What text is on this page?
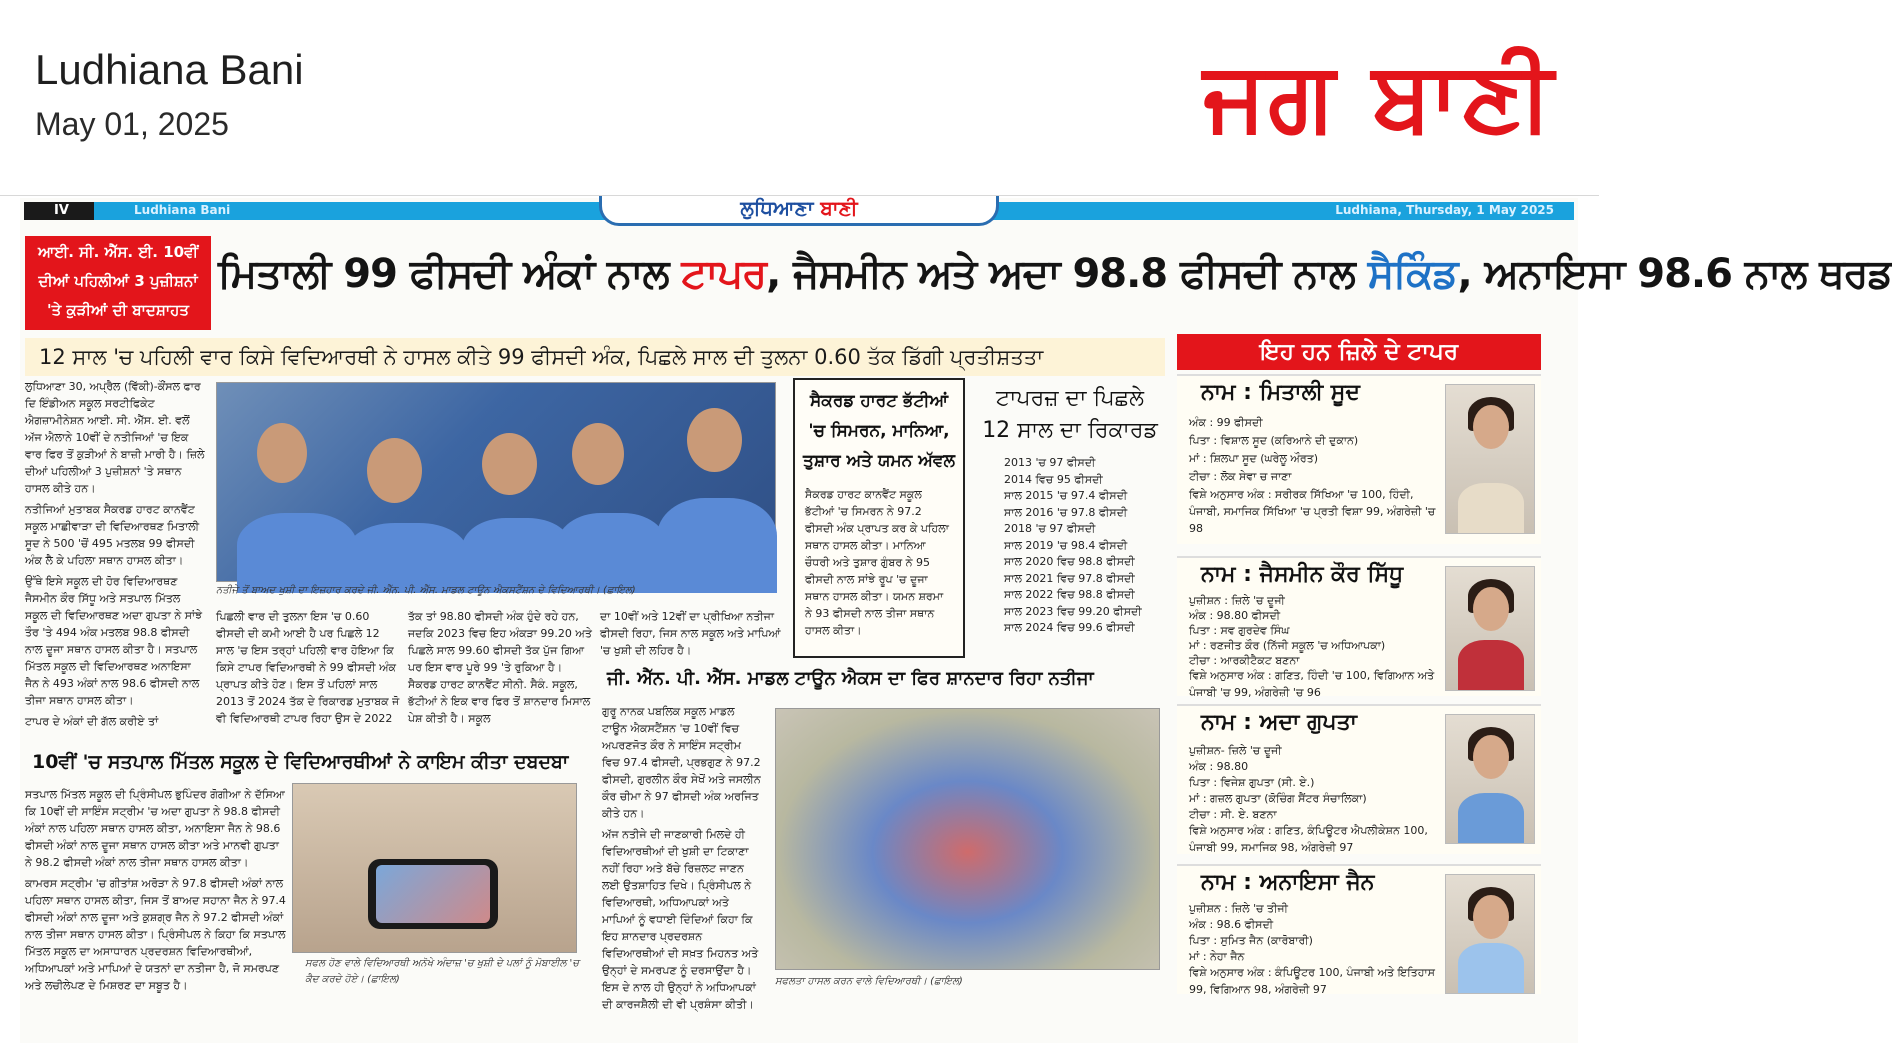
Ludhiana Bani
May 01, 2025	ਜਗ ਬਾਣੀ
IV	Ludhiana Bani	ਲੁਧਿਆਣਾ ਬਾਣੀ	Ludhiana, Thursday, 1 May 2025
ਆਈ. ਸੀ. ਐੱਸ. ਈ. 10ਵੀਂ
ਦੀਆਂ ਪਹਿਲੀਆਂ 3 ਪੁਜ਼ੀਸ਼ਨਾਂ
'ਤੇ ਕੁੜੀਆਂ ਦੀ ਬਾਦਸ਼ਾਹਤ
ਮਿਤਾਲੀ 99 ਫੀਸਦੀ ਅੰਕਾਂ ਨਾਲ ਟਾਪਰ, ਜੈਸਮੀਨ ਅਤੇ ਅਦਾ 98.8 ਫੀਸਦੀ ਨਾਲ ਸੈਕਿੰਡ, ਅਨਾਇਸਾ 98.6 ਨਾਲ ਥਰਡ
12 ਸਾਲ 'ਚ ਪਹਿਲੀ ਵਾਰ ਕਿਸੇ ਵਿਦਿਆਰਥੀ ਨੇ ਹਾਸਲ ਕੀਤੇ 99 ਫੀਸਦੀ ਅੰਕ, ਪਿਛਲੇ ਸਾਲ ਦੀ ਤੁਲਨਾ 0.60 ਤੱਕ ਡਿੱਗੀ ਪ੍ਰਤੀਸ਼ਤਤਾ	ਇਹ ਹਨ ਜ਼ਿਲੇ ਦੇ ਟਾਪਰ
ਲੁਧਿਆਣਾ 30, ਅਪ੍ਰੈਲ (ਵਿੱਕੀ)-ਕੌਂਸਲ ਫਾਰ ਦਿ ਇੰਡੀਅਨ ਸਕੂਲ ਸਰਟੀਫਿਕੇਟ ਐਗਜ਼ਾਮੀਨੇਸ਼ਨ ਆਈ. ਸੀ. ਐੱਸ. ਈ. ਵਲੋਂ ਅੱਜ ਐਲਾਨੇ 10ਵੀਂ ਦੇ ਨਤੀਜਿਆਂ 'ਚ ਇਕ ਵਾਰ ਫਿਰ ਤੋਂ ਕੁੜੀਆਂ ਨੇ ਬਾਜ਼ੀ ਮਾਰੀ ਹੈ। ਜ਼ਿਲੇ ਦੀਆਂ ਪਹਿਲੀਆਂ 3 ਪੁਜ਼ੀਸ਼ਨਾਂ 'ਤੇ ਸਥਾਨ ਹਾਸਲ ਕੀਤੇ ਹਨ।
ਨਤੀਜਿਆਂ ਮੁਤਾਬਕ ਸੈਕਰਡ ਹਾਰਟ ਕਾਨਵੈਂਟ ਸਕੂਲ ਮਾਛੀਵਾੜਾ ਦੀ ਵਿਦਿਆਰਥਣ ਮਿਤਾਲੀ ਸੂਦ ਨੇ 500 'ਚੋਂ 495 ਮਤਲਬ 99 ਫੀਸਦੀ ਅੰਕ ਲੈ ਕੇ ਪਹਿਲਾ ਸਥਾਨ ਹਾਸਲ ਕੀਤਾ।
ਉੱਥੇ ਇਸੇ ਸਕੂਲ ਦੀ ਹੋਰ ਵਿਦਿਆਰਥਣ ਜੈਸਮੀਨ ਕੌਰ ਸਿੱਧੂ ਅਤੇ ਸਤਪਾਲ ਮਿੱਤਲ ਸਕੂਲ ਦੀ ਵਿਦਿਆਰਥਣ ਅਦਾ ਗੁਪਤਾ ਨੇ ਸਾਂਝੇ ਤੌਰ 'ਤੇ 494 ਅੰਕ ਮਤਲਬ 98.8 ਫੀਸਦੀ ਨਾਲ ਦੂਜਾ ਸਥਾਨ ਹਾਸਲ ਕੀਤਾ ਹੈ। ਸਤਪਾਲ ਮਿੱਤਲ ਸਕੂਲ ਦੀ ਵਿਦਿਆਰਥਣ ਅਨਾਇਸਾ ਜੈਨ ਨੇ 493 ਅੰਕਾਂ ਨਾਲ 98.6 ਫੀਸਦੀ ਨਾਲ ਤੀਜਾ ਸਥਾਨ ਹਾਸਲ ਕੀਤਾ।
ਟਾਪਰ ਦੇ ਅੰਕਾਂ ਦੀ ਗੱਲ ਕਰੀਏ ਤਾਂ
ਨਤੀਜੇ ਤੋਂ ਬਾਅਦ ਖੁਸ਼ੀ ਦਾ ਇਜ਼ਹਾਰ ਕਰਦੇ ਜੀ. ਐੱਨ. ਪੀ. ਐੱਸ. ਮਾਡਲ ਟਾਊਨ ਐਕਸਟੈਂਸ਼ਨ ਦੇ ਵਿਦਿਆਰਥੀ। (ਛਾਇਲ)
ਪਿਛਲੀ ਵਾਰ ਦੀ ਤੁਲਨਾ ਇਸ 'ਚ 0.60 ਫੀਸਦੀ ਦੀ ਕਮੀ ਆਈ ਹੈ ਪਰ ਪਿਛਲੇ 12 ਸਾਲ 'ਚ ਇਸ ਤਰ੍ਹਾਂ ਪਹਿਲੀ ਵਾਰ ਹੋਇਆ ਕਿ ਕਿਸੇ ਟਾਪਰ ਵਿਦਿਆਰਥੀ ਨੇ 99 ਫੀਸਦੀ ਅੰਕ ਪ੍ਰਾਪਤ ਕੀਤੇ ਹੋਣ। ਇਸ ਤੋਂ ਪਹਿਲਾਂ ਸਾਲ 2013 ਤੋਂ 2024 ਤੱਕ ਦੇ ਰਿਕਾਰਡ ਮੁਤਾਬਕ ਜੋ ਵੀ ਵਿਦਿਆਰਥੀ ਟਾਪਰ ਰਿਹਾ ਉਸ ਦੇ 2022
ਤੱਕ ਤਾਂ 98.80 ਫੀਸਦੀ ਅੰਕ ਹੁੰਦੇ ਰਹੇ ਹਨ, ਜਦਕਿ 2023 ਵਿਚ ਇਹ ਅੰਕੜਾ 99.20 ਅਤੇ ਪਿਛਲੇ ਸਾਲ 99.60 ਫੀਸਦੀ ਤੱਕ ਪੁੱਜ ਗਿਆ ਪਰ ਇਸ ਵਾਰ ਪੂਰੇ 99 'ਤੇ ਰੁਕਿਆ ਹੈ। ਸੈਕਰਡ ਹਾਰਟ ਕਾਨਵੈਂਟ ਸੀਨੀ. ਸੈਕੰ. ਸਕੂਲ, ਭੱਟੀਆਂ ਨੇ ਇਕ ਵਾਰ ਫਿਰ ਤੋਂ ਸ਼ਾਨਦਾਰ ਮਿਸਾਲ ਪੇਸ਼ ਕੀਤੀ ਹੈ। ਸਕੂਲ
ਦਾ 10ਵੀਂ ਅਤੇ 12ਵੀਂ ਦਾ ਪ੍ਰੀਖਿਆ ਨਤੀਜਾ ਫੀਸਦੀ ਰਿਹਾ, ਜਿਸ ਨਾਲ ਸਕੂਲ ਅਤੇ ਮਾਪਿਆਂ 'ਚ ਖੁਸ਼ੀ ਦੀ ਲਹਿਰ ਹੈ।
ਸੈਕਰਡ ਹਾਰਟ ਭੱਟੀਆਂ 'ਚ ਸਿਮਰਨ, ਮਾਨਿਆ, ਤੁਸ਼ਾਰ ਅਤੇ ਯਮਨ ਅੱਵਲ
ਸੈਕਰਡ ਹਾਰਟ ਕਾਨਵੈਂਟ ਸਕੂਲ ਭੱਟੀਆਂ 'ਚ ਸਿਮਰਨ ਨੇ 97.2 ਫੀਸਦੀ ਅੰਕ ਪ੍ਰਾਪਤ ਕਰ ਕੇ ਪਹਿਲਾ ਸਥਾਨ ਹਾਸਲ ਕੀਤਾ। ਮਾਨਿਆ ਚੌਧਰੀ ਅਤੇ ਤੁਸ਼ਾਰ ਗੁੰਬਰ ਨੇ 95 ਫੀਸਦੀ ਨਾਲ ਸਾਂਝੇ ਰੂਪ 'ਚ ਦੂਜਾ ਸਥਾਨ ਹਾਸਲ ਕੀਤਾ। ਯਮਨ ਸ਼ਰਮਾ ਨੇ 93 ਫੀਸਦੀ ਨਾਲ ਤੀਜਾ ਸਥਾਨ ਹਾਸਲ ਕੀਤਾ।
ਟਾਪਰਜ਼ ਦਾ ਪਿਛਲੇ 12 ਸਾਲ ਦਾ ਰਿਕਾਰਡ
2013 'ਚ 97 ਫੀਸਦੀ
2014 ਵਿਚ 95 ਫੀਸਦੀ
ਸਾਲ 2015 'ਚ 97.4 ਫੀਸਦੀ
ਸਾਲ 2016 'ਚ 97.8 ਫੀਸਦੀ
2018 'ਚ 97 ਫੀਸਦੀ
ਸਾਲ 2019 'ਚ 98.4 ਫੀਸਦੀ
ਸਾਲ 2020 ਵਿਚ 98.8 ਫੀਸਦੀ
ਸਾਲ 2021 ਵਿਚ 97.8 ਫੀਸਦੀ
ਸਾਲ 2022 ਵਿਚ 98.8 ਫੀਸਦੀ
ਸਾਲ 2023 ਵਿਚ 99.20 ਫੀਸਦੀ
ਸਾਲ 2024 ਵਿਚ 99.6 ਫੀਸਦੀ
10ਵੀਂ 'ਚ ਸਤਪਾਲ ਮਿੱਤਲ ਸਕੂਲ ਦੇ ਵਿਦਿਆਰਥੀਆਂ ਨੇ ਕਾਇਮ ਕੀਤਾ ਦਬਦਬਾ
ਸਤਪਾਲ ਮਿੱਤਲ ਸਕੂਲ ਦੀ ਪ੍ਰਿੰਸੀਪਲ ਭੁਪਿੰਦਰ ਗੋਗੀਆ ਨੇ ਦੱਸਿਆ ਕਿ 10ਵੀਂ ਦੀ ਸਾਇੰਸ ਸਟ੍ਰੀਮ 'ਚ ਅਦਾ ਗੁਪਤਾ ਨੇ 98.8 ਫੀਸਦੀ ਅੰਕਾਂ ਨਾਲ ਪਹਿਲਾ ਸਥਾਨ ਹਾਸਲ ਕੀਤਾ, ਅਨਾਇਸਾ ਜੈਨ ਨੇ 98.6 ਫੀਸਦੀ ਅੰਕਾਂ ਨਾਲ ਦੂਜਾ ਸਥਾਨ ਹਾਸਲ ਕੀਤਾ ਅਤੇ ਮਾਨਵੀ ਗੁਪਤਾ ਨੇ 98.2 ਫੀਸਦੀ ਅੰਕਾਂ ਨਾਲ ਤੀਜਾ ਸਥਾਨ ਹਾਸਲ ਕੀਤਾ।
ਕਾਮਰਸ ਸਟ੍ਰੀਮ 'ਚ ਗੀਤਾਂਸ਼ ਅਰੋੜਾ ਨੇ 97.8 ਫੀਸਦੀ ਅੰਕਾਂ ਨਾਲ ਪਹਿਲਾ ਸਥਾਨ ਹਾਸਲ ਕੀਤਾ, ਜਿਸ ਤੋਂ ਬਾਅਦ ਸਹਾਨਾ ਜੈਨ ਨੇ 97.4 ਫੀਸਦੀ ਅੰਕਾਂ ਨਾਲ ਦੂਜਾ ਅਤੇ ਕੁਸ਼ਗ੍ਰ ਜੈਨ ਨੇ 97.2 ਫੀਸਦੀ ਅੰਕਾਂ ਨਾਲ ਤੀਜਾ ਸਥਾਨ ਹਾਸਲ ਕੀਤਾ। ਪ੍ਰਿੰਸੀਪਲ ਨੇ ਕਿਹਾ ਕਿ ਸਤਪਾਲ ਮਿੱਤਲ ਸਕੂਲ ਦਾ ਅਸਾਧਾਰਨ ਪ੍ਰਦਰਸ਼ਨ ਵਿਦਿਆਰਥੀਆਂ, ਅਧਿਆਪਕਾਂ ਅਤੇ ਮਾਪਿਆਂ ਦੇ ਯਤਨਾਂ ਦਾ ਨਤੀਜਾ ਹੈ, ਜੋ ਸਮਰਪਣ ਅਤੇ ਲਚੀਲੇਪਣ ਦੇ ਮਿਸ਼ਰਣ ਦਾ ਸਬੂਤ ਹੈ।
ਸਫਲ ਹੋਣ ਵਾਲੇ ਵਿਦਿਆਰਥੀ ਅਨੋਖੇ ਅੰਦਾਜ਼ 'ਚ ਖੁਸ਼ੀ ਦੇ ਪਲਾਂ ਨੂੰ ਮੋਬਾਈਲ 'ਚ ਕੈਦ ਕਰਦੇ ਹੋਏ। (ਛਾਇਲ)
ਜੀ. ਐੱਨ. ਪੀ. ਐੱਸ. ਮਾਡਲ ਟਾਊਨ ਐਕਸ ਦਾ ਫਿਰ ਸ਼ਾਨਦਾਰ ਰਿਹਾ ਨਤੀਜਾ
ਗੁਰੂ ਨਾਨਕ ਪਬਲਿਕ ਸਕੂਲ ਮਾਡਲ ਟਾਊਨ ਐਕਸਟੈਂਸ਼ਨ 'ਚ 10ਵੀਂ ਵਿਚ ਅਪਰਣਜੋਤ ਕੌਰ ਨੇ ਸਾਇੰਸ ਸਟ੍ਰੀਮ ਵਿਚ 97.4 ਫੀਸਦੀ, ਪ੍ਰਭਗੁਣ ਨੇ 97.2 ਫੀਸਦੀ, ਗੁਰਲੀਨ ਕੌਰ ਸੇਖੋਂ ਅਤੇ ਜਸਲੀਨ ਕੌਰ ਚੀਮਾ ਨੇ 97 ਫੀਸਦੀ ਅੰਕ ਅਰਜਿਤ ਕੀਤੇ ਹਨ।
ਅੱਜ ਨਤੀਜੇ ਦੀ ਜਾਣਕਾਰੀ ਮਿਲਦੇ ਹੀ ਵਿਦਿਆਰਥੀਆਂ ਦੀ ਖੁਸ਼ੀ ਦਾ ਟਿਕਾਣਾ ਨਹੀਂ ਰਿਹਾ ਅਤੇ ਬੱਚੇ ਰਿਜ਼ਲਟ ਜਾਣਨ ਲਈ ਉਤਸ਼ਾਹਿਤ ਦਿਖੇ। ਪ੍ਰਿੰਸੀਪਲ ਨੇ ਵਿਦਿਆਰਥੀ, ਅਧਿਆਪਕਾਂ ਅਤੇ ਮਾਪਿਆਂ ਨੂੰ ਵਧਾਈ ਦਿੰਦਿਆਂ ਕਿਹਾ ਕਿ ਇਹ ਸ਼ਾਨਦਾਰ ਪ੍ਰਦਰਸ਼ਨ ਵਿਦਿਆਰਥੀਆਂ ਦੀ ਸਖ਼ਤ ਮਿਹਨਤ ਅਤੇ ਉਨ੍ਹਾਂ ਦੇ ਸਮਰਪਣ ਨੂੰ ਦਰਸਾਉਂਦਾ ਹੈ। ਇਸ ਦੇ ਨਾਲ ਹੀ ਉਨ੍ਹਾਂ ਨੇ ਅਧਿਆਪਕਾਂ ਦੀ ਕਾਰਜਸ਼ੈਲੀ ਦੀ ਵੀ ਪ੍ਰਸ਼ੰਸਾ ਕੀਤੀ।
ਸਫਲਤਾ ਹਾਸਲ ਕਰਨ ਵਾਲੇ ਵਿਦਿਆਰਥੀ। (ਛਾਇਲ)
ਨਾਮ : ਮਿਤਾਲੀ ਸੂਦ
ਅੰਕ : 99 ਫੀਸਦੀ
ਪਿਤਾ : ਵਿਸ਼ਾਲ ਸੂਦ (ਕਰਿਆਨੇ ਦੀ ਦੁਕਾਨ)
ਮਾਂ : ਸ਼ਿਲਪਾ ਸੂਦ (ਘਰੇਲੂ ਔਰਤ)
ਟੀਚਾ : ਲੋਕ ਸੇਵਾ ਚ ਜਾਣਾ
ਵਿਸ਼ੇ ਅਨੁਸਾਰ ਅੰਕ : ਸਰੀਰਕ ਸਿੱਖਿਆ 'ਚ 100, ਹਿੰਦੀ, ਪੰਜਾਬੀ, ਸਮਾਜਿਕ ਸਿੱਖਿਆ 'ਚ ਪ੍ਰਤੀ ਵਿਸ਼ਾ 99, ਅੰਗਰੇਜ਼ੀ 'ਚ 98
ਨਾਮ : ਜੈਸਮੀਨ ਕੌਰ ਸਿੱਧੂ
ਪੁਜ਼ੀਸ਼ਨ : ਜ਼ਿਲੇ 'ਚ ਦੂਜੀ
ਅੰਕ : 98.80 ਫੀਸਦੀ
ਪਿਤਾ : ਸਵ ਗੁਰਦੇਵ ਸਿੰਘ
ਮਾਂ : ਰਣਜੀਤ ਕੌਰ (ਨਿੱਜੀ ਸਕੂਲ 'ਚ ਅਧਿਆਪਕਾ)
ਟੀਚਾ : ਆਰਕੀਟੈਕਟ ਬਣਨਾ
ਵਿਸ਼ੇ ਅਨੁਸਾਰ ਅੰਕ : ਗਣਿਤ, ਹਿੰਦੀ 'ਚ 100, ਵਿਗਿਆਨ ਅਤੇ ਪੰਜਾਬੀ 'ਚ 99, ਅੰਗਰੇਜ਼ੀ 'ਚ 96
ਨਾਮ : ਅਦਾ ਗੁਪਤਾ
ਪੁਜ਼ੀਸ਼ਨ- ਜ਼ਿਲੇ 'ਚ ਦੂਜੀ
ਅੰਕ : 98.80
ਪਿਤਾ : ਵਿਜੇਸ਼ ਗੁਪਤਾ (ਸੀ. ਏ.)
ਮਾਂ : ਗਜ਼ਲ ਗੁਪਤਾ (ਕੋਚਿੰਗ ਸੈਂਟਰ ਸੰਚਾਲਿਕਾ)
ਟੀਚਾ : ਸੀ. ਏ. ਬਣਨਾ
ਵਿਸ਼ੇ ਅਨੁਸਾਰ ਅੰਕ : ਗਣਿਤ, ਕੰਪਿਊਟਰ ਐਪਲੀਕੇਸ਼ਨ 100, ਪੰਜਾਬੀ 99, ਸਮਾਜਿਕ 98, ਅੰਗਰੇਜ਼ੀ 97
ਨਾਮ : ਅਨਾਇਸਾ ਜੈਨ
ਪੁਜ਼ੀਸ਼ਨ : ਜ਼ਿਲੇ 'ਚ ਤੀਜੀ
ਅੰਕ : 98.6 ਫੀਸਦੀ
ਪਿਤਾ : ਸੁਮਿਤ ਜੈਨ (ਕਾਰੋਬਾਰੀ)
ਮਾਂ : ਨੇਹਾ ਜੈਨ
ਵਿਸ਼ੇ ਅਨੁਸਾਰ ਅੰਕ : ਕੰਪਿਊਟਰ 100, ਪੰਜਾਬੀ ਅਤੇ ਇਤਿਹਾਸ 99, ਵਿਗਿਆਨ 98, ਅੰਗਰੇਜ਼ੀ 97
